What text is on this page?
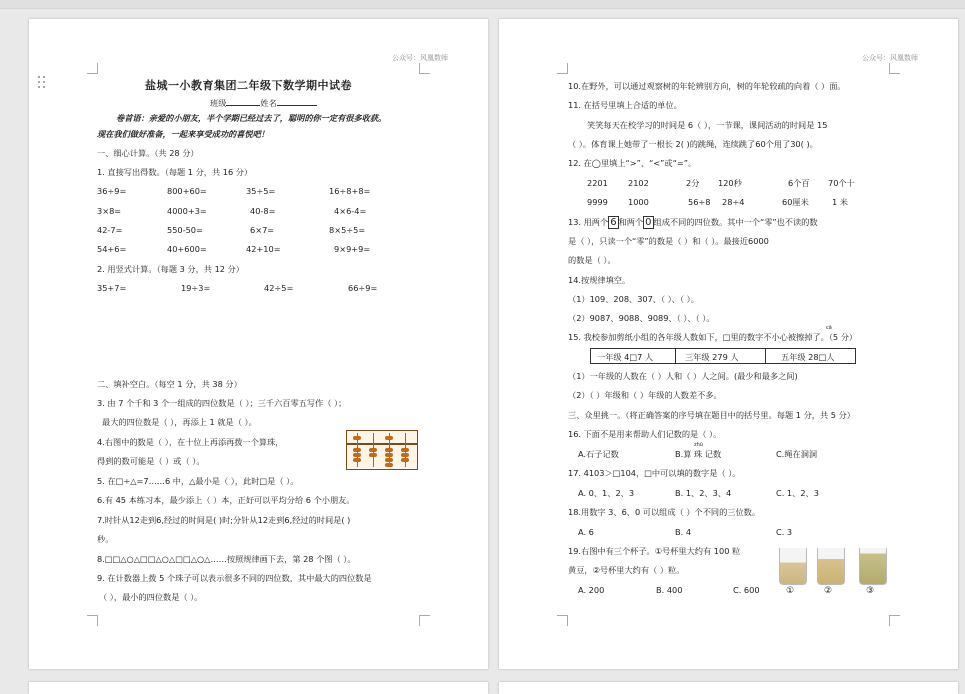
公众号：风凰数师
盐城一小教育集团二年级下数学期中试卷
班级	姓名
卷首语：亲爱的小朋友，半个学期已经过去了，聪明的你一定有很多收获。
现在我们做好准备，一起来享受成功的喜悦吧！
一、细心计算。（共 28 分）
1. 直接写出得数。（每题 1 分，共 16 分）
36÷9=	800+60=	35÷5=	16÷8+8=
3×8=	4000+3=	40-8=	4×6-4=
42-7=	550-50=	6×7=	8×5÷5=
54+6=	40+600=	42+10=	9×9+9=
2. 用竖式计算。（每题 3 分，共 12 分）
35+7=	19÷3=	42÷5=	66÷9=
二、填补空白。（每空 1 分，共 38 分）
3. 由 7 个千和 3 个一组成的四位数是（ ）；三千六百零五写作（ ）；
最大的四位数是（ ），再添上 1 就是（ ）。
4.右图中的数是（ ），在十位上再添再拨一个算珠，
得到的数可能是（ ）或（ ）。
5. 在□÷△=7……6 中，△最小是（ ），此时□是（ ）。
6.有 45 本练习本，最少添上（ ）本，正好可以平均分给 6 个小朋友。
7.时针从12走到6,经过的时间是( )时;分针从12走到6,经过的时间是( )
秒。
8.□□△○△□□△○△□□△○△……按照规律画下去，第 28 个图（ ）。
9. 在计数器上拨 5 个珠子可以表示很多不同的四位数，其中最大的四位数是
（ ），最小的四位数是（ ）。
公众号：风凰数师
10.在野外，可以通过观察树的年轮辨别方向，树的年轮较疏的向着（ ）面。
11. 在括号里填上合适的单位。
笑笑每天在校学习的时间是 6（ ），一节课，课间活动的时间是 15
（ ）。体育课上她带了一根长 2( )的跳绳，连续跳了60个用了30( )。
12. 在◯里填上“>”、“<”或“=”。
2201 2102	2分 120秒	6个百 70个十
9999 1000	56÷8 28÷4	60厘米	1 米
13. 用两个 6 和两个 0 组成不同的四位数。其中一个“零”也不读的数
是（ ），只读一个“零”的数是（ ）和（ ）。最接近6000
的数是（ ）。
14.按规律填空。
（1）109、208、307、（ ）、（ ）。
（2）9087、9088、9089、（ ）、（ ）。
cā
15. 我校参加剪纸小组的各年级人数如下，□里的数字不小心被擦掉了。（5 分）
一年级 4□7 人	三年级 279 人	五年级 28□人
（1）一年级的人数在（ ）人和（ ）人之间。(最少和最多之间)
（2）（ ）年级和（ ）年级的人数差不多。
三、众里挑一。（将正确答案的序号填在题目中的括号里。每题 1 分，共 5 分）
16. 下面不是用来帮助人们记数的是（ ）。
zhū
A.石子记数	B.算 珠 记数	C.绳在洞洞
17. 4103＞□104，□中可以填的数字是（ ）。
A. 0、1、2、3	B. 1、2、3、4	C. 1、2、3
18.用数字 3、6、0 可以组成（ ）个不同的三位数。
A. 6	B. 4	C. 3
19.右图中有三个杯子。①号杯里大约有 100 粒
黄豆，②号杯里大约有（ ）粒。
A. 200	B. 400	C. 600	①	②	③
